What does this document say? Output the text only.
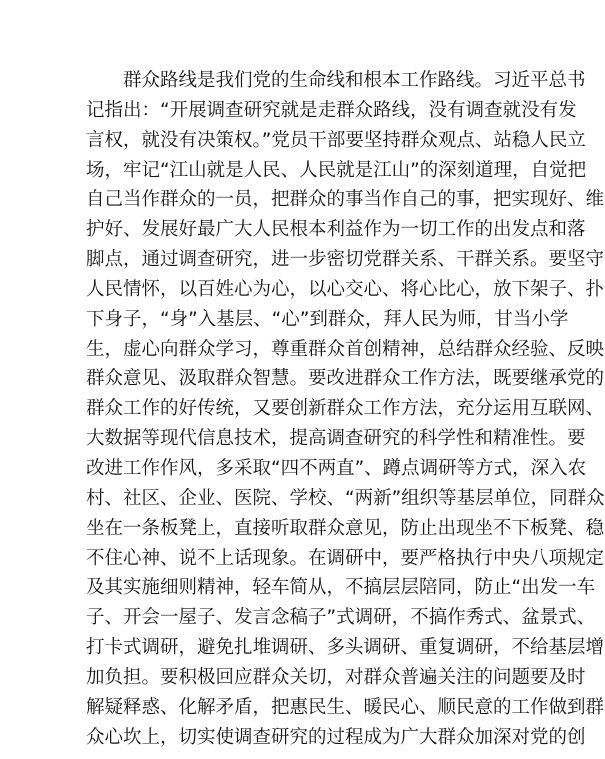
群众路线是我们党的生命线和根本工作路线。习近平总书
记指出：“开展调查研究就是走群众路线，没有调查就没有发
言权，就没有决策权。”党员干部要坚持群众观点、站稳人民立
场，牢记“江山就是人民、人民就是江山”的深刻道理，自觉把
自己当作群众的一员，把群众的事当作自己的事，把实现好、维
护好、发展好最广大人民根本利益作为一切工作的出发点和落
脚点，通过调查研究，进一步密切党群关系、干群关系。要坚守
人民情怀，以百姓心为心，以心交心、将心比心，放下架子、扑
下身子，“身”入基层、“心”到群众，拜人民为师，甘当小学
生，虚心向群众学习，尊重群众首创精神，总结群众经验、反映
群众意见、汲取群众智慧。要改进群众工作方法，既要继承党的
群众工作的好传统，又要创新群众工作方法，充分运用互联网、
大数据等现代信息技术，提高调查研究的科学性和精准性。要
改进工作作风，多采取“四不两直”、蹲点调研等方式，深入农
村、社区、企业、医院、学校、“两新”组织等基层单位，同群众
坐在一条板凳上，直接听取群众意见，防止出现坐不下板凳、稳
不住心神、说不上话现象。在调研中，要严格执行中央八项规定
及其实施细则精神，轻车简从，不搞层层陪同，防止“出发一车
子、开会一屋子、发言念稿子”式调研，不搞作秀式、盆景式、
打卡式调研，避免扎堆调研、多头调研、重复调研，不给基层增
加负担。要积极回应群众关切，对群众普遍关注的问题要及时
解疑释惑、化解矛盾，把惠民生、暖民心、顺民意的工作做到群
众心坎上，切实使调查研究的过程成为广大群众加深对党的创
